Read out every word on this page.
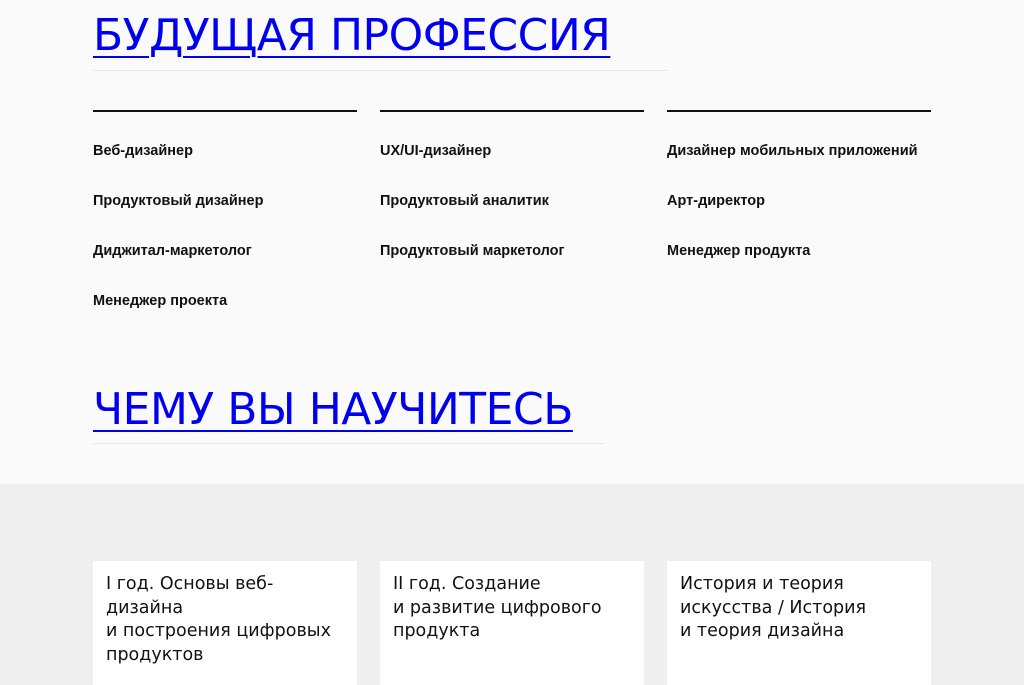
БУДУЩАЯ ПРОФЕССИЯ
Веб-дизайнер
Продуктовый дизайнер
Диджитал-маркетолог
Менеджер проекта
UX/UI-дизайнер
Продуктовый аналитик
Продуктовый маркетолог
Дизайнер мобильных приложений
Арт-директор
Менеджер продукта
ЧЕМУ ВЫ НАУЧИТЕСЬ

I год. Основы веб-дизайна
и построения цифровых
продуктов

II год. Создание
и развитие цифрового
продукта

История и теория
искусства / История
и теория дизайна
